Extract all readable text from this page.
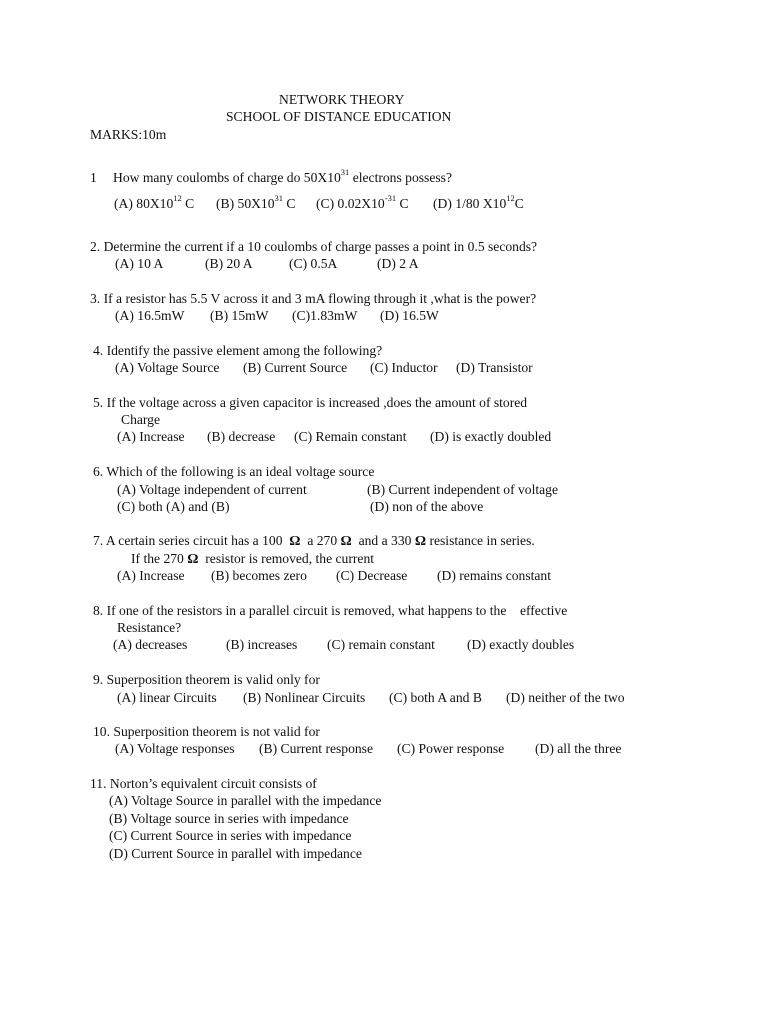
NETWORK THEORY
SCHOOL OF DISTANCE EDUCATION
MARKS:10m
1 How many coulombs of charge do $50X10^{31}$ electrons possess?
(A) $80X10^{12}$ C (B) $50X10^{31}$ C (C) $0.02X10^{-31}$ C (D) 1/80 $X10^{12}C$
2. Determine the current if a 10 coulombs of charge passes a point in 0.5 seconds?
(A) 10 A	(B) 20 A	(C) 0.5A	(D) 2 A
3. If a resistor has 5.5 V across it and 3 mA flowing through it ,what is the power?
(A) 16.5mW (B) 15mW (C)1.83mW (D) 16.5W
4. Identify the passive element among the following?
(A) Voltage Source (B) Current Source (C) Inductor (D) Transistor
5. If the voltage across a given capacitor is increased ,does the amount of stored
Charge
(A) Increase (B) decrease (C) Remain constant (D) is exactly doubled
6. Which of the following is an ideal voltage source
(A) Voltage independent of current	(B) Current independent of voltage
(C) both (A) and (B)	(D) non of the above
7. A certain series circuit has a 100 Ω a 270 Ω and a 330 Ω resistance in series.
If the 270 Ω resistor is removed, the current
(A) Increase (B) becomes zero (C) Decrease (D) remains constant
8. If one of the resistors in a parallel circuit is removed, what happens to the effective
Resistance?
(A) decreases	(B) increases (C) remain constant (D) exactly doubles
9. Superposition theorem is valid only for
(A) linear Circuits (B) Nonlinear Circuits (C) both A and B (D) neither of the two
10. Superposition theorem is not valid for
(A) Voltage responses (B) Current response (C) Power response (D) all the three
11. Norton’s equivalent circuit consists of
(A) Voltage Source in parallel with the impedance
(B) Voltage source in series with impedance
(C) Current Source in series with impedance
(D) Current Source in parallel with impedance
